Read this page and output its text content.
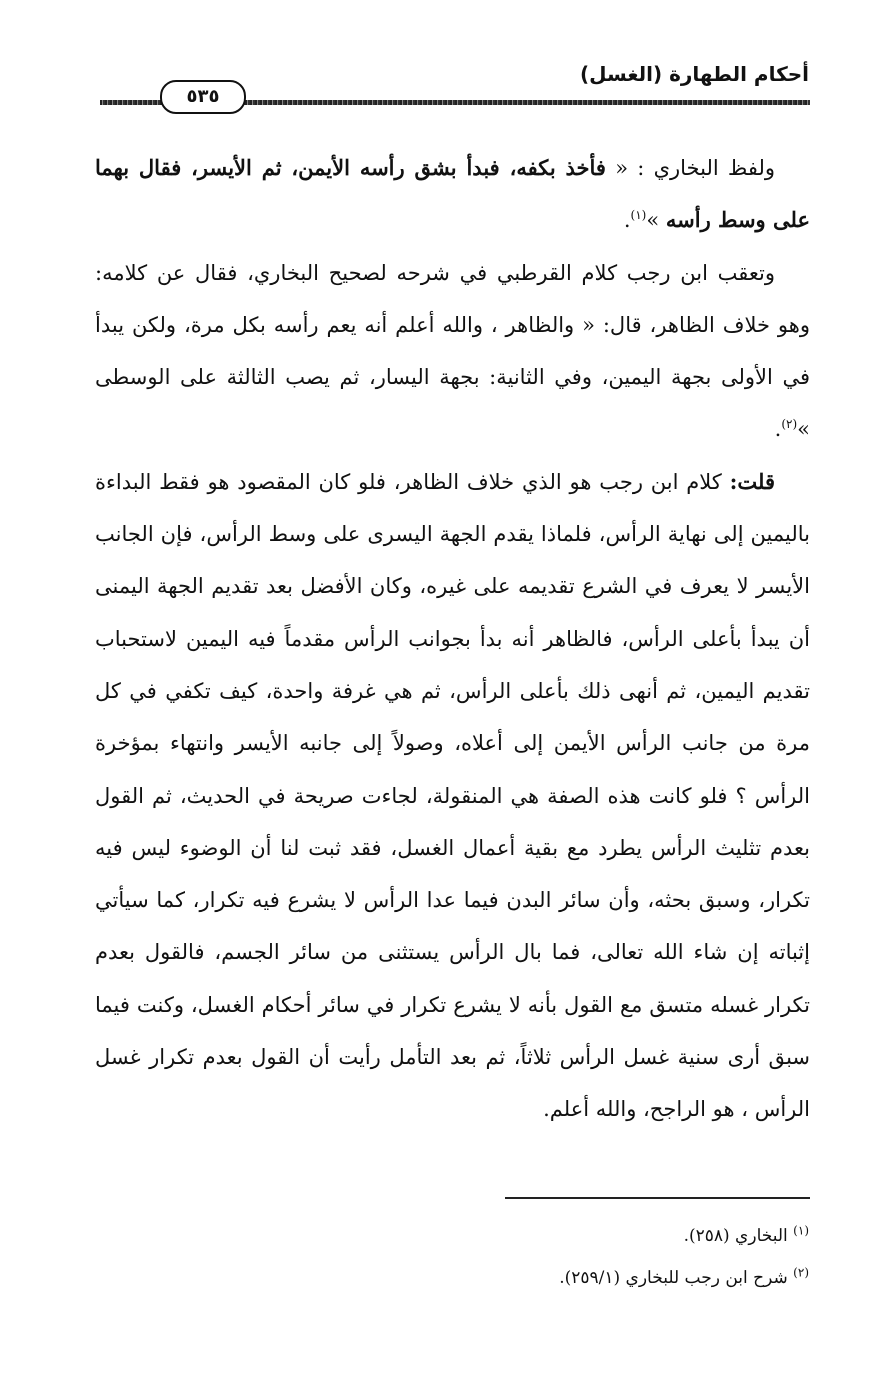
أحكام الطهارة (الغسل)
٥٣٥

ولفظ البخاري : « فأخذ بكفه، فبدأ بشق رأسه الأيمن، ثم الأيسر، فقال بهما على وسط رأسه »$^{(١)}$.

وتعقب ابن رجب كلام القرطبي في شرحه لصحيح البخاري، فقال عن كلامه: وهو خلاف الظاهر، قال: « والظاهر ، والله أعلم أنه يعم رأسه بكل مرة، ولكن يبدأ في الأولى بجهة اليمين، وفي الثانية: بجهة اليسار، ثم يصب الثالثة على الوسطى »$^{(٢)}$.

قلت: كلام ابن رجب هو الذي خلاف الظاهر، فلو كان المقصود هو فقط البداءة باليمين إلى نهاية الرأس، فلماذا يقدم الجهة اليسرى على وسط الرأس، فإن الجانب الأيسر لا يعرف في الشرع تقديمه على غيره، وكان الأفضل بعد تقديم الجهة اليمنى أن يبدأ بأعلى الرأس، فالظاهر أنه بدأ بجوانب الرأس مقدماً فيه اليمين لاستحباب تقديم اليمين، ثم أنهى ذلك بأعلى الرأس، ثم هي غرفة واحدة، كيف تكفي في كل مرة من جانب الرأس الأيمن إلى أعلاه، وصولاً إلى جانبه الأيسر وانتهاء بمؤخرة الرأس ؟ فلو كانت هذه الصفة هي المنقولة، لجاءت صريحة في الحديث، ثم القول بعدم تثليث الرأس يطرد مع بقية أعمال الغسل، فقد ثبت لنا أن الوضوء ليس فيه تكرار، وسبق بحثه، وأن سائر البدن فيما عدا الرأس لا يشرع فيه تكرار، كما سيأتي إثباته إن شاء الله تعالى، فما بال الرأس يستثنى من سائر الجسم، فالقول بعدم تكرار غسله متسق مع القول بأنه لا يشرع تكرار في سائر أحكام الغسل، وكنت فيما سبق أرى سنية غسل الرأس ثلاثاً، ثم بعد التأمل رأيت أن القول بعدم تكرار غسل الرأس ، هو الراجح، والله أعلم.

$^{(١)}$ البخاري (٢٥٨).
$^{(٢)}$ شرح ابن رجب للبخاري (٢٥٩/١).
